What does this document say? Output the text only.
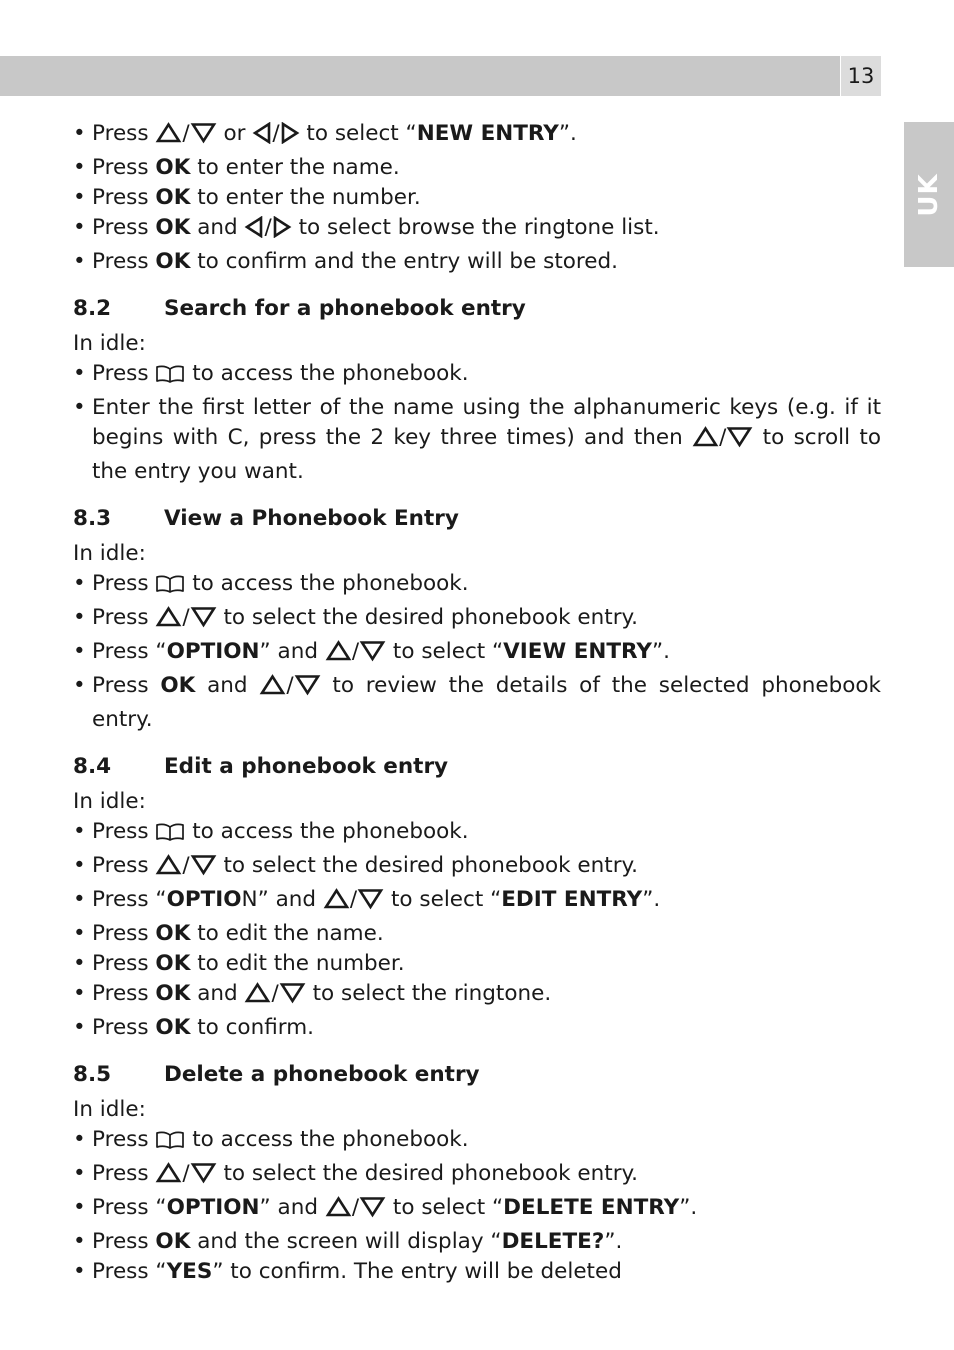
13
UK
• Press / or / to select “NEW ENTRY”.
• Press OK to enter the name.
• Press OK to enter the number.
• Press OK and / to select browse the ringtone list.
• Press OK to confirm and the entry will be stored.
8.2 Search for a phonebook entry
In idle:
• Press  to access the phonebook.
• Enter the first letter of the name using the alphanumeric keys (e.g. if it begins with C, press the 2 key three times) and then / to scroll to the entry you want.
8.3 View a Phonebook Entry
In idle:
• Press  to access the phonebook.
• Press / to select the desired phonebook entry.
• Press “OPTION” and / to select “VIEW ENTRY”.
• Press OK and / to review the details of the selected phonebook entry.
8.4 Edit a phonebook entry
In idle:
• Press  to access the phonebook.
• Press / to select the desired phonebook entry.
• Press “OPTION” and / to select “EDIT ENTRY”.
• Press OK to edit the name.
• Press OK to edit the number.
• Press OK and / to select the ringtone.
• Press OK to confirm.
8.5 Delete a phonebook entry
In idle:
• Press  to access the phonebook.
• Press / to select the desired phonebook entry.
• Press “OPTION” and / to select “DELETE ENTRY”.
• Press OK and the screen will display “DELETE?”.
• Press “YES” to confirm. The entry will be deleted
